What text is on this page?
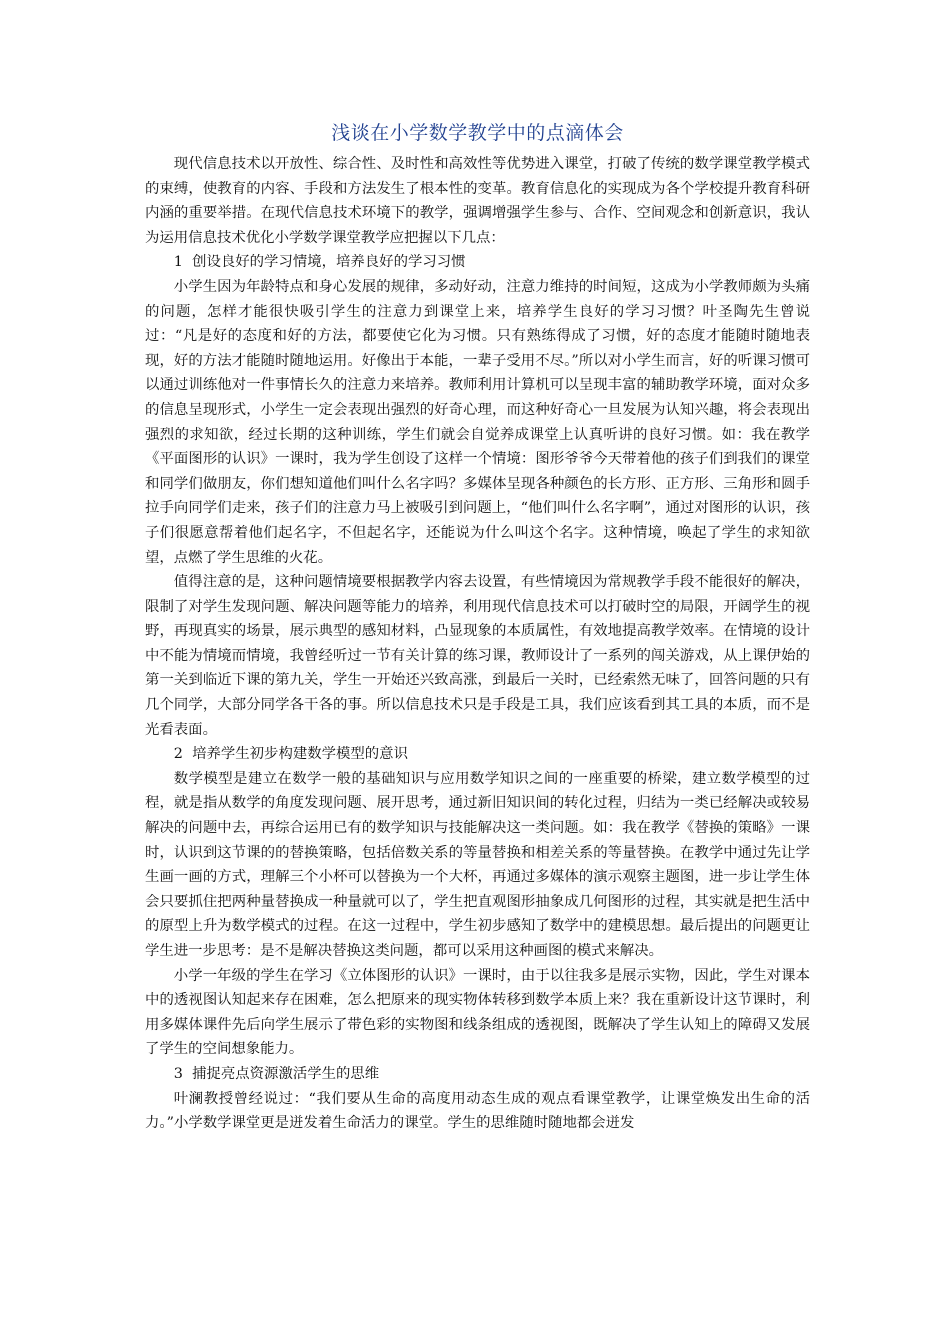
浅谈在小学数学教学中的点滴体会

现代信息技术以开放性、综合性、及时性和高效性等优势进入课堂，打破了传统的数学课堂教学模式的束缚，使教育的内容、手段和方法发生了根本性的变革。教育信息化的实现成为各个学校提升教育科研内涵的重要举措。在现代信息技术环境下的教学，强调增强学生参与、合作、空间观念和创新意识，我认为运用信息技术优化小学数学课堂教学应把握以下几点：

1  创设良好的学习情境，培养良好的学习习惯

小学生因为年龄特点和身心发展的规律，多动好动，注意力维持的时间短，这成为小学教师颇为头痛的问题，怎样才能很快吸引学生的注意力到课堂上来，培养学生良好的学习习惯？叶圣陶先生曾说过：“凡是好的态度和好的方法，都要使它化为习惯。只有熟练得成了习惯，好的态度才能随时随地表现，好的方法才能随时随地运用。好像出于本能，一辈子受用不尽。”所以对小学生而言，好的听课习惯可以通过训练他对一件事情长久的注意力来培养。教师利用计算机可以呈现丰富的辅助教学环境，面对众多的信息呈现形式，小学生一定会表现出强烈的好奇心理，而这种好奇心一旦发展为认知兴趣，将会表现出强烈的求知欲，经过长期的这种训练，学生们就会自觉养成课堂上认真听讲的良好习惯。如：我在教学《平面图形的认识》一课时，我为学生创设了这样一个情境：图形爷爷今天带着他的孩子们到我们的课堂和同学们做朋友，你们想知道他们叫什么名字吗？多媒体呈现各种颜色的长方形、正方形、三角形和圆手拉手向同学们走来，孩子们的注意力马上被吸引到问题上，“他们叫什么名字啊”，通过对图形的认识，孩子们很愿意帮着他们起名字，不但起名字，还能说为什么叫这个名字。这种情境，唤起了学生的求知欲望，点燃了学生思维的火花。

值得注意的是，这种问题情境要根据教学内容去设置，有些情境因为常规教学手段不能很好的解决，限制了对学生发现问题、解决问题等能力的培养，利用现代信息技术可以打破时空的局限，开阔学生的视野，再现真实的场景，展示典型的感知材料，凸显现象的本质属性，有效地提高教学效率。在情境的设计中不能为情境而情境，我曾经听过一节有关计算的练习课，教师设计了一系列的闯关游戏，从上课伊始的第一关到临近下课的第九关，学生一开始还兴致高涨，到最后一关时，已经索然无味了，回答问题的只有几个同学，大部分同学各干各的事。所以信息技术只是手段是工具，我们应该看到其工具的本质，而不是光看表面。

2  培养学生初步构建数学模型的意识

数学模型是建立在数学一般的基础知识与应用数学知识之间的一座重要的桥梁，建立数学模型的过程，就是指从数学的角度发现问题、展开思考，通过新旧知识间的转化过程，归结为一类已经解决或较易解决的问题中去，再综合运用已有的数学知识与技能解决这一类问题。如：我在教学《替换的策略》一课时，认识到这节课的的替换策略，包括倍数关系的等量替换和相差关系的等量替换。在教学中通过先让学生画一画的方式，理解三个小杯可以替换为一个大杯，再通过多媒体的演示观察主题图，进一步让学生体会只要抓住把两种量替换成一种量就可以了，学生把直观图形抽象成几何图形的过程，其实就是把生活中的原型上升为数学模式的过程。在这一过程中，学生初步感知了数学中的建模思想。最后提出的问题更让学生进一步思考：是不是解决替换这类问题，都可以采用这种画图的模式来解决。

小学一年级的学生在学习《立体图形的认识》一课时，由于以往我多是展示实物，因此，学生对课本中的透视图认知起来存在困难，怎么把原来的现实物体转移到数学本质上来？我在重新设计这节课时，利用多媒体课件先后向学生展示了带色彩的实物图和线条组成的透视图，既解决了学生认知上的障碍又发展了学生的空间想象能力。

3  捕捉亮点资源激活学生的思维

叶澜教授曾经说过：“我们要从生命的高度用动态生成的观点看课堂教学，让课堂焕发出生命的活力。”小学数学课堂更是迸发着生命活力的课堂。学生的思维随时随地都会迸发
